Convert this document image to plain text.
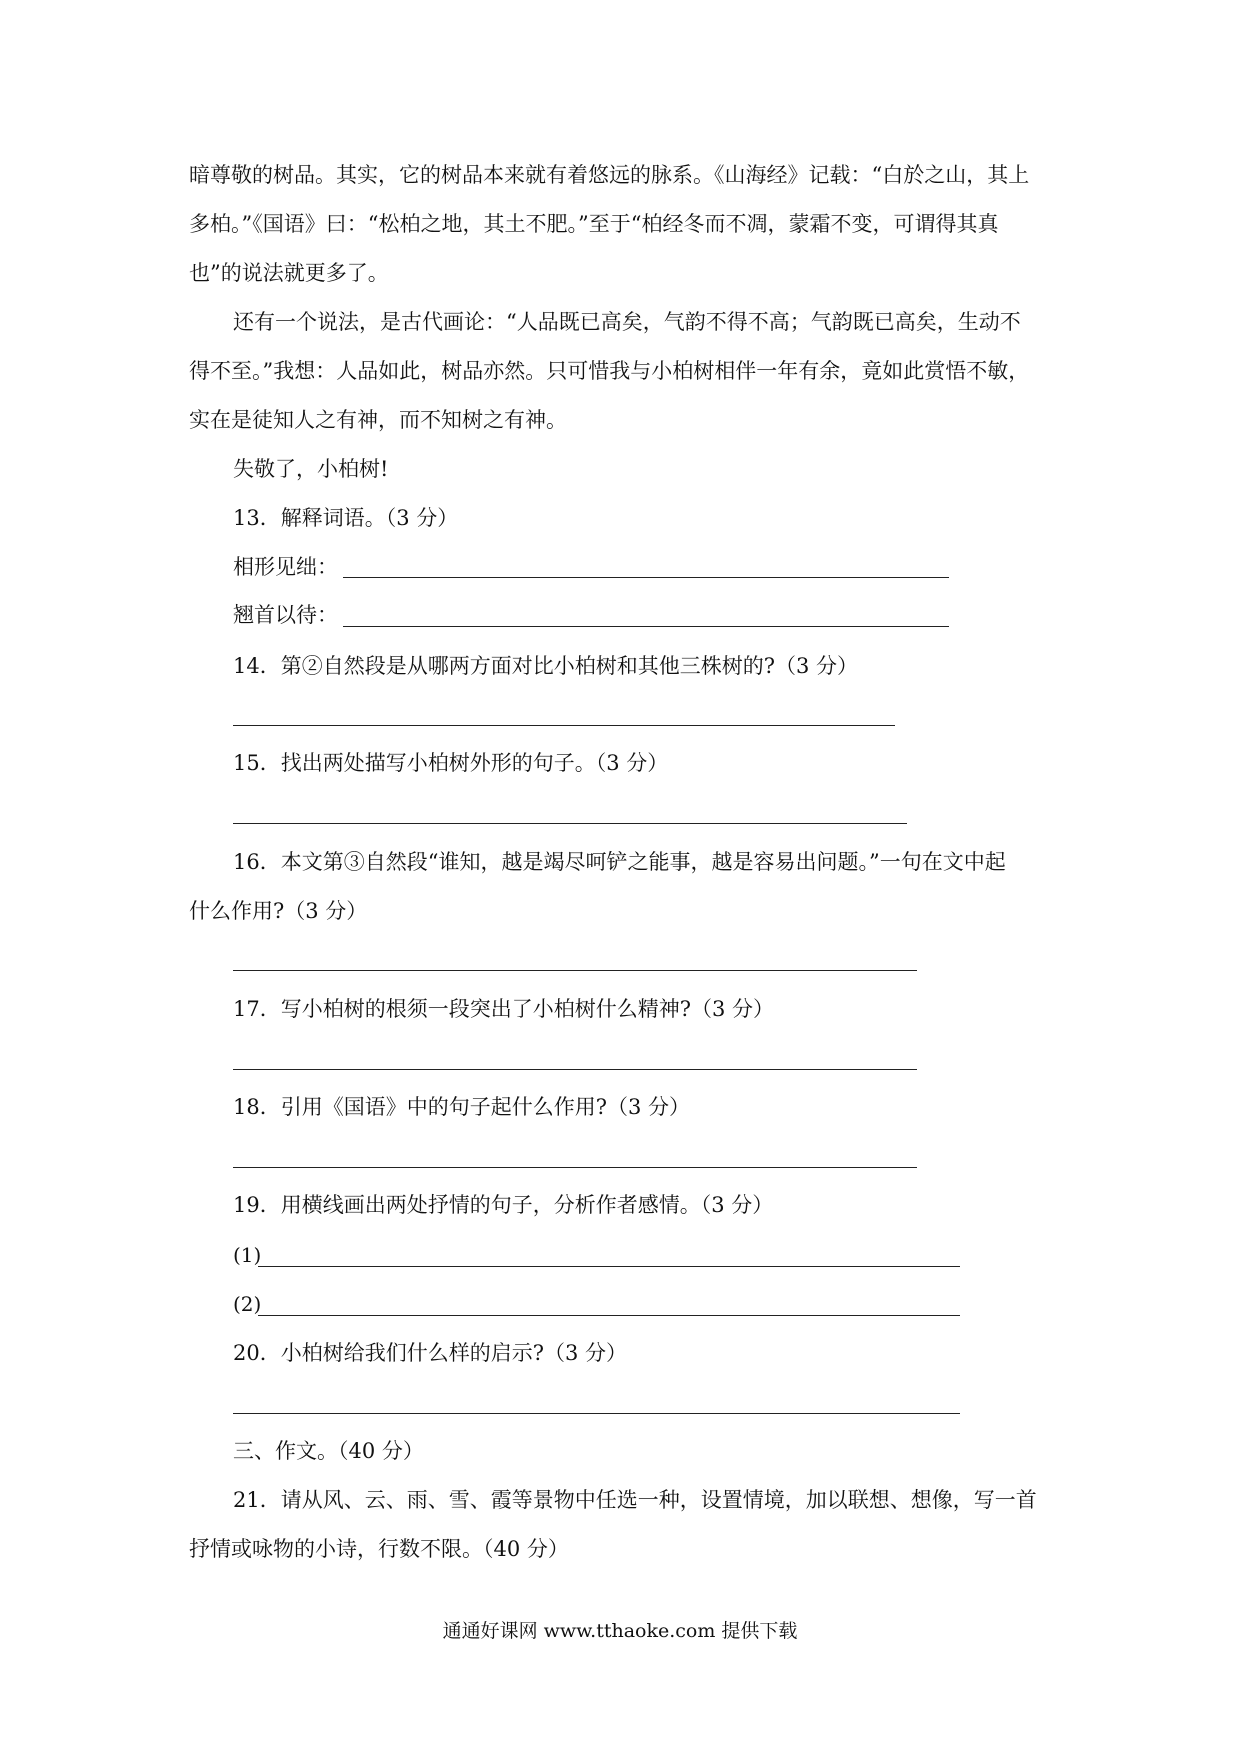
暗尊敬的树品。其实，它的树品本来就有着悠远的脉系。《山海经》记载：“白於之山，其上
多柏。”《国语》曰：“松柏之地，其土不肥。”至于“柏经冬而不凋，蒙霜不变，可谓得其真
也”的说法就更多了。
还有一个说法，是古代画论：“人品既已高矣，气韵不得不高；气韵既已高矣，生动不
得不至。”我想：人品如此，树品亦然。只可惜我与小柏树相伴一年有余，竟如此赏悟不敏，
实在是徒知人之有神，而不知树之有神。
失敬了，小柏树!
13．解释词语。（3 分）
相形见绌：
翘首以待：
14．第②自然段是从哪两方面对比小柏树和其他三株树的?（3 分）
15．找出两处描写小柏树外形的句子。（3 分）
16．本文第③自然段“谁知，越是竭尽呵铲之能事，越是容易出问题。”一句在文中起
什么作用?（3 分）
17．写小柏树的根须一段突出了小柏树什么精神?（3 分）
18．引用《国语》中的句子起什么作用?（3 分）
19．用横线画出两处抒情的句子，分析作者感情。（3 分）
(1)
(2)
20．小柏树给我们什么样的启示?（3 分）
三、作文。（40 分）
21．请从风、云、雨、雪、霞等景物中任选一种，设置情境，加以联想、想像，写一首
抒情或咏物的小诗，行数不限。（40 分）
通通好课网 www.tthaoke.com 提供下载
